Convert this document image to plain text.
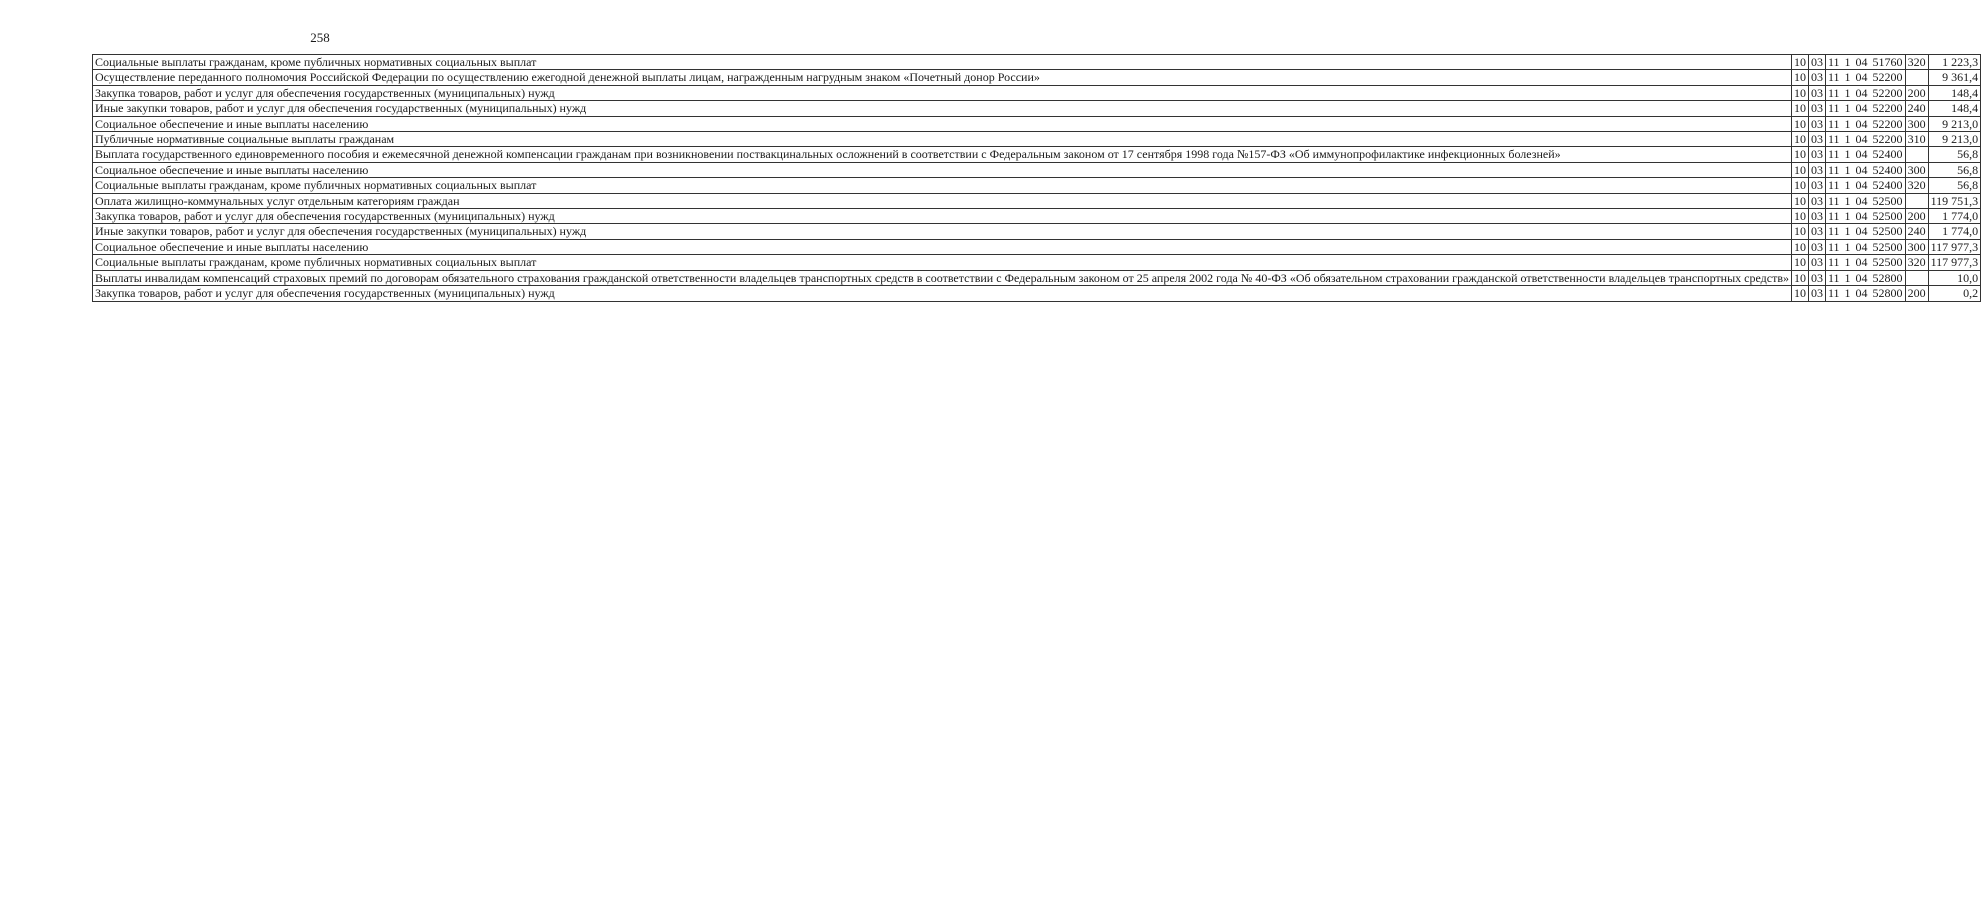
258
Социальные выплаты гражданам, кроме публичных нормативных социальных выплат	10	03	11 1 04 51760	320	1 223,3
Осуществление переданного полномочия Российской Федерации по осуществлению ежегодной денежной выплаты лицам, награжденным нагрудным знаком «Почетный донор России»	10	03	11 1 04 52200		9 361,4
Закупка товаров, работ и услуг для обеспечения государственных (муниципальных) нужд	10	03	11 1 04 52200	200	148,4
Иные закупки товаров, работ и услуг для обеспечения государственных (муниципальных) нужд	10	03	11 1 04 52200	240	148,4
Социальное обеспечение и иные выплаты населению	10	03	11 1 04 52200	300	9 213,0
Публичные нормативные социальные выплаты гражданам	10	03	11 1 04 52200	310	9 213,0
Выплата государственного единовременного пособия и ежемесячной денежной компенсации гражданам при возникновении поствакцинальных осложнений в соответствии с Федеральным законом от 17 сентября 1998 года №157-ФЗ «Об иммунопрофилактике инфекционных болезней»	10	03	11 1 04 52400		56,8
Социальное обеспечение и иные выплаты населению	10	03	11 1 04 52400	300	56,8
Социальные выплаты гражданам, кроме публичных нормативных социальных выплат	10	03	11 1 04 52400	320	56,8
Оплата жилищно-коммунальных услуг отдельным категориям граждан	10	03	11 1 04 52500		119 751,3
Закупка товаров, работ и услуг для обеспечения государственных (муниципальных) нужд	10	03	11 1 04 52500	200	1 774,0
Иные закупки товаров, работ и услуг для обеспечения государственных (муниципальных) нужд	10	03	11 1 04 52500	240	1 774,0
Социальное обеспечение и иные выплаты населению	10	03	11 1 04 52500	300	117 977,3
Социальные выплаты гражданам, кроме публичных нормативных социальных выплат	10	03	11 1 04 52500	320	117 977,3
Выплаты инвалидам компенсаций страховых премий по договорам обязательного страхования гражданской ответственности владельцев транспортных средств в соответствии с Федеральным законом от 25 апреля 2002 года № 40-ФЗ «Об обязательном страховании гражданской ответственности владельцев транспортных средств»	10	03	11 1 04 52800		10,0
Закупка товаров, работ и услуг для обеспечения государственных (муниципальных) нужд	10	03	11 1 04 52800	200	0,2
